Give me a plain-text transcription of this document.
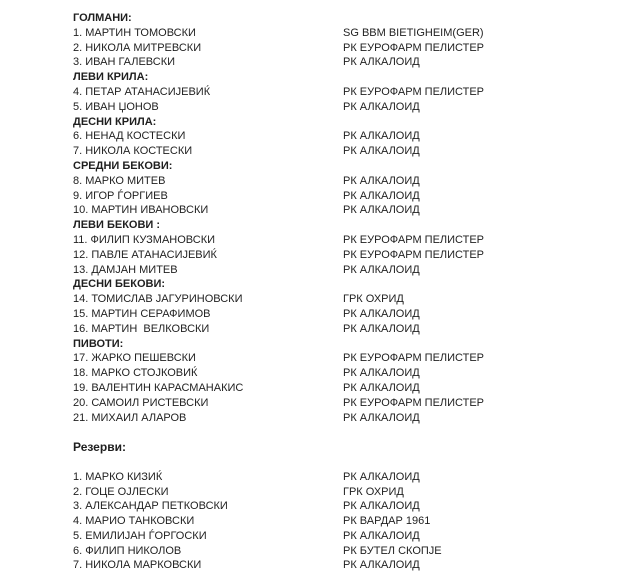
ГОЛМАНИ:
1. МАРТИН ТОМОВСКИ	SG BBM BIETIGHEIM(GER)
2. НИКОЛА МИТРЕВСКИ	РК ЕУРОФАРМ ПЕЛИСТЕР
3. ИВАН ГАЛЕВСКИ	РК АЛКАЛОИД
ЛЕВИ КРИЛА:
4. ПЕТАР АТАНАСИЈЕВИЌ	РК ЕУРОФАРМ ПЕЛИСТЕР
5. ИВАН ЏОНОВ	РК АЛКАЛОИД
ДЕСНИ КРИЛА:
6. НЕНАД КОСТЕСКИ	РК АЛКАЛОИД
7. НИКОЛА КОСТЕСКИ	РК АЛКАЛОИД
СРЕДНИ БЕКОВИ:
8. МАРКО МИТЕВ	РК АЛКАЛОИД
9. ИГОР ЃОРГИЕВ	РК АЛКАЛОИД
10. МАРТИН ИВАНОВСКИ	РК АЛКАЛОИД
ЛЕВИ БЕКОВИ :
11. ФИЛИП КУЗМАНОВСКИ	РК ЕУРОФАРМ ПЕЛИСТЕР
12. ПАВЛЕ АТАНАСИЈЕВИЌ	РК ЕУРОФАРМ ПЕЛИСТЕР
13. ДАМЈАН МИТЕВ	РК АЛКАЛОИД
ДЕСНИ БЕКОВИ:
14. ТОМИСЛАВ ЈАГУРИНОВСКИ	ГРК ОХРИД
15. МАРТИН СЕРАФИМОВ	РК АЛКАЛОИД
16. МАРТИН  ВЕЛКОВСКИ	РК АЛКАЛОИД
ПИВОТИ:
17. ЖАРКО ПЕШЕВСКИ	РК ЕУРОФАРМ ПЕЛИСТЕР
18. МАРКО СТОЈКОВИЌ	РК АЛКАЛОИД
19. ВАЛЕНТИН КАРАСМАНАКИС	РК АЛКАЛОИД
20. САМОИЛ РИСТЕВСКИ	РК ЕУРОФАРМ ПЕЛИСТЕР
21. МИХАИЛ АЛАРОВ	РК АЛКАЛОИД
Резерви:
1. МАРКО КИЗИЌ	РК АЛКАЛОИД
2. ГОЦЕ ОЈЛЕСКИ	ГРК ОХРИД
3. АЛЕКСАНДАР ПЕТКОВСКИ	РК АЛКАЛОИД
4. МАРИО ТАНКОВСКИ	РК ВАРДАР 1961
5. ЕМИЛИЈАН ЃОРГОСКИ	РК АЛКАЛОИД
6. ФИЛИП НИКОЛОВ	РК БУТЕЛ СКОПЈЕ
7. НИКОЛА МАРКОВСКИ	РК АЛКАЛОИД
